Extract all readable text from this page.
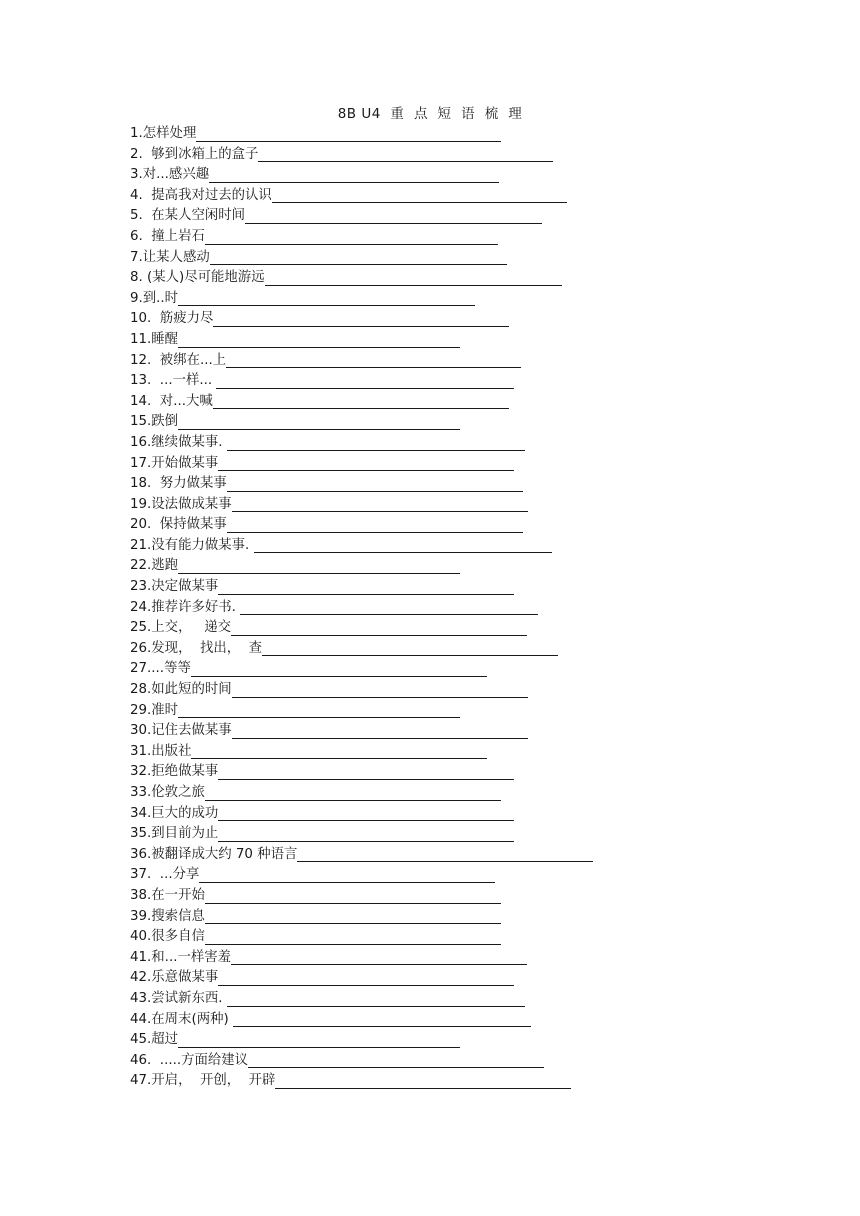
8B U4  重  点  短  语  梳  理
1.怎样处理
2.  够到冰箱上的盒子
3.对...感兴趣
4.  提高我对过去的认识
5.  在某人空闲时间
6.  撞上岩石
7.让某人感动
8. (某人)尽可能地游远
9.到..时
10.  筋疲力尽
11.睡醒
12.  被绑在...上
13.  ...一样...
14.  对...大喊
15.跌倒
16.继续做某事.
17.开始做某事
18.  努力做某事
19.设法做成某事
20.  保持做某事
21.没有能力做某事.
22.逃跑
23.决定做某事
24.推荐许多好书.
25.上交，   递交
26.发现，  找出，  查
27....等等
28.如此短的时间
29.准时
30.记住去做某事
31.出版社
32.拒绝做某事
33.伦敦之旅
34.巨大的成功
35.到目前为止
36.被翻译成大约 70 种语言
37.  ...分享
38.在一开始
39.搜索信息
40.很多自信
41.和...一样害羞
42.乐意做某事
43.尝试新东西.
44.在周末(两种)
45.超过
46.  .....方面给建议
47.开启，  开创，  开辟
